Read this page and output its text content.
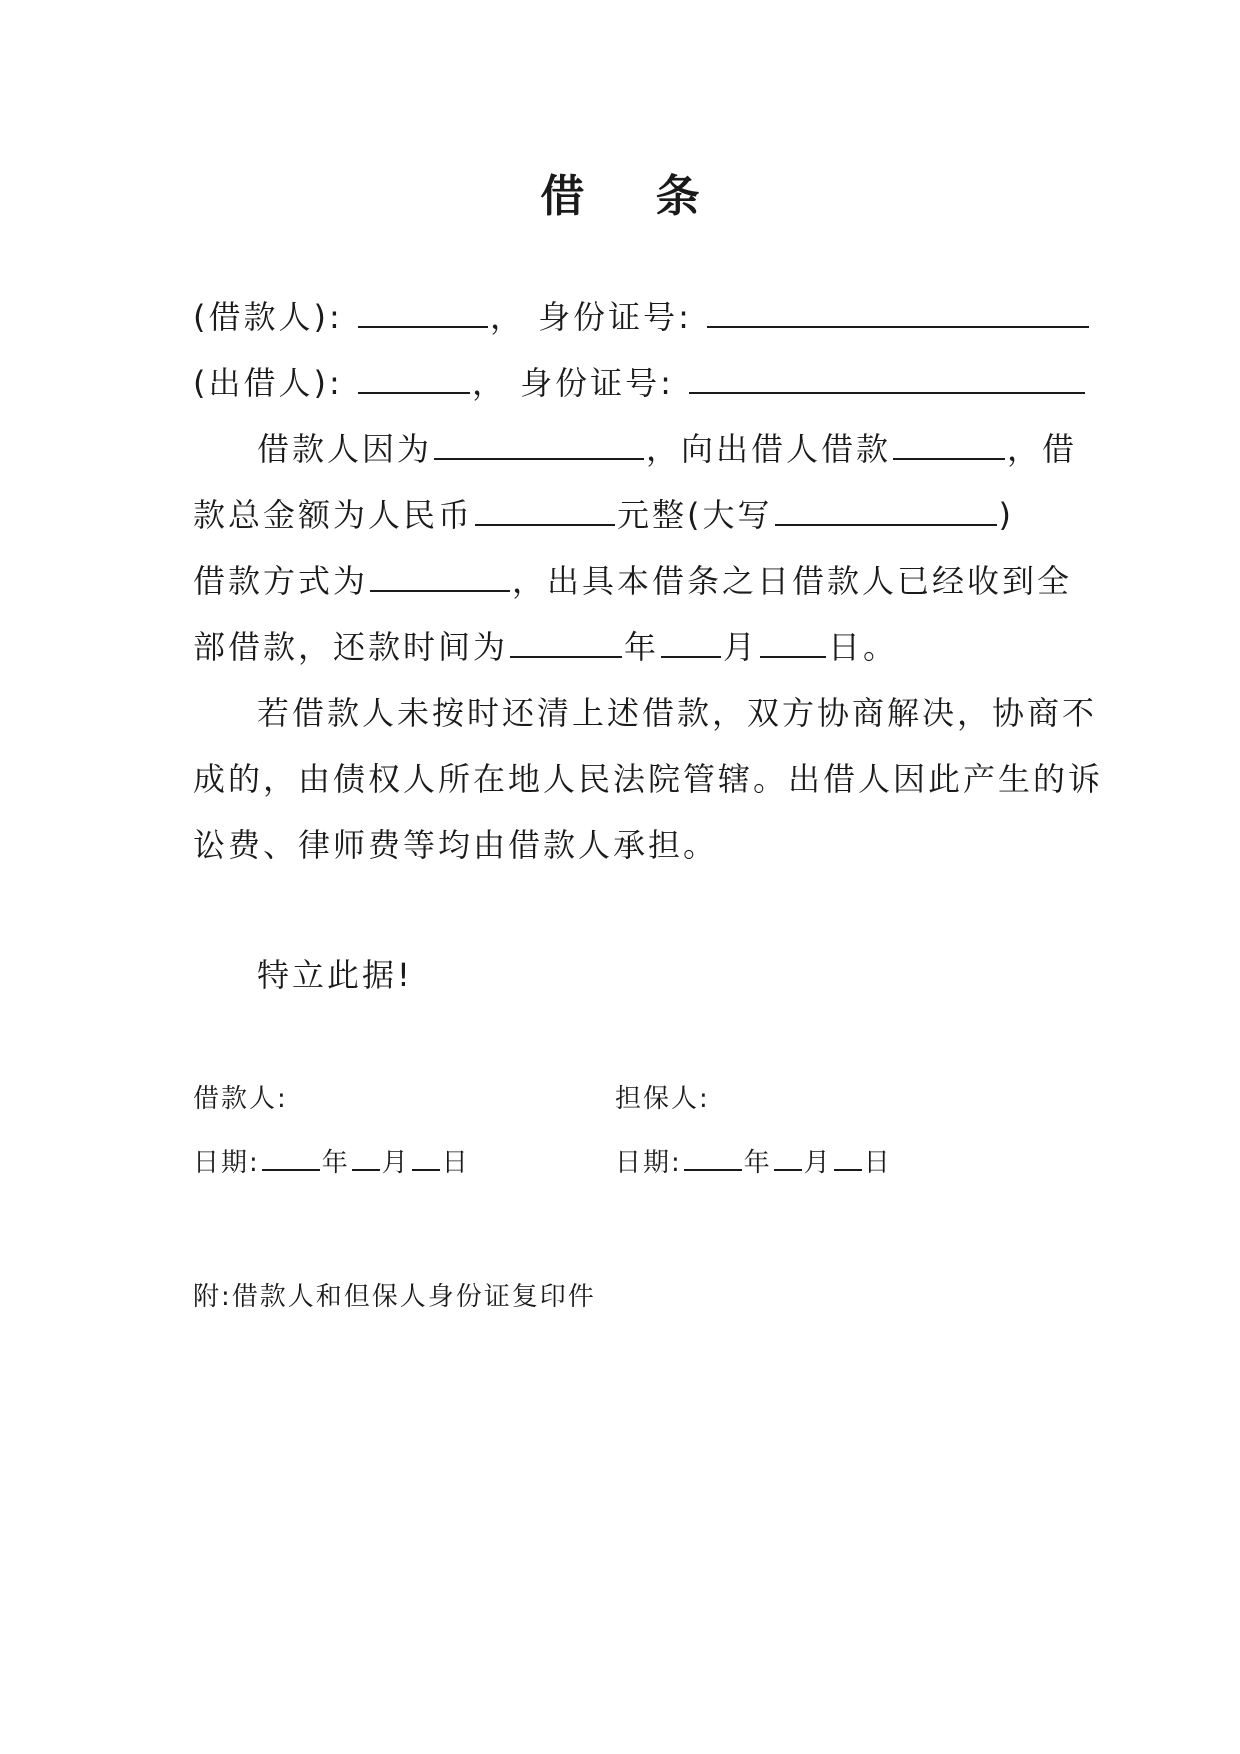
借 条
(借款人):	， 身份证号:
(出借人):	， 身份证号:
借款人因为	，向出借人借款	，借
款总金额为人民币	元整(大写	)
借款方式为	，出具本借条之日借款人已经收到全
部借款，还款时间为	年 月 日。
若借款人未按时还清上述借款，双方协商解决，协商不
成的，由债权人所在地人民法院管辖。出借人因此产生的诉
讼费、律师费等均由借款人承担。
特立此据!
借款人:	担保人:
日期: 年 月 日	日期: 年 月 日
附:借款人和但保人身份证复印件
